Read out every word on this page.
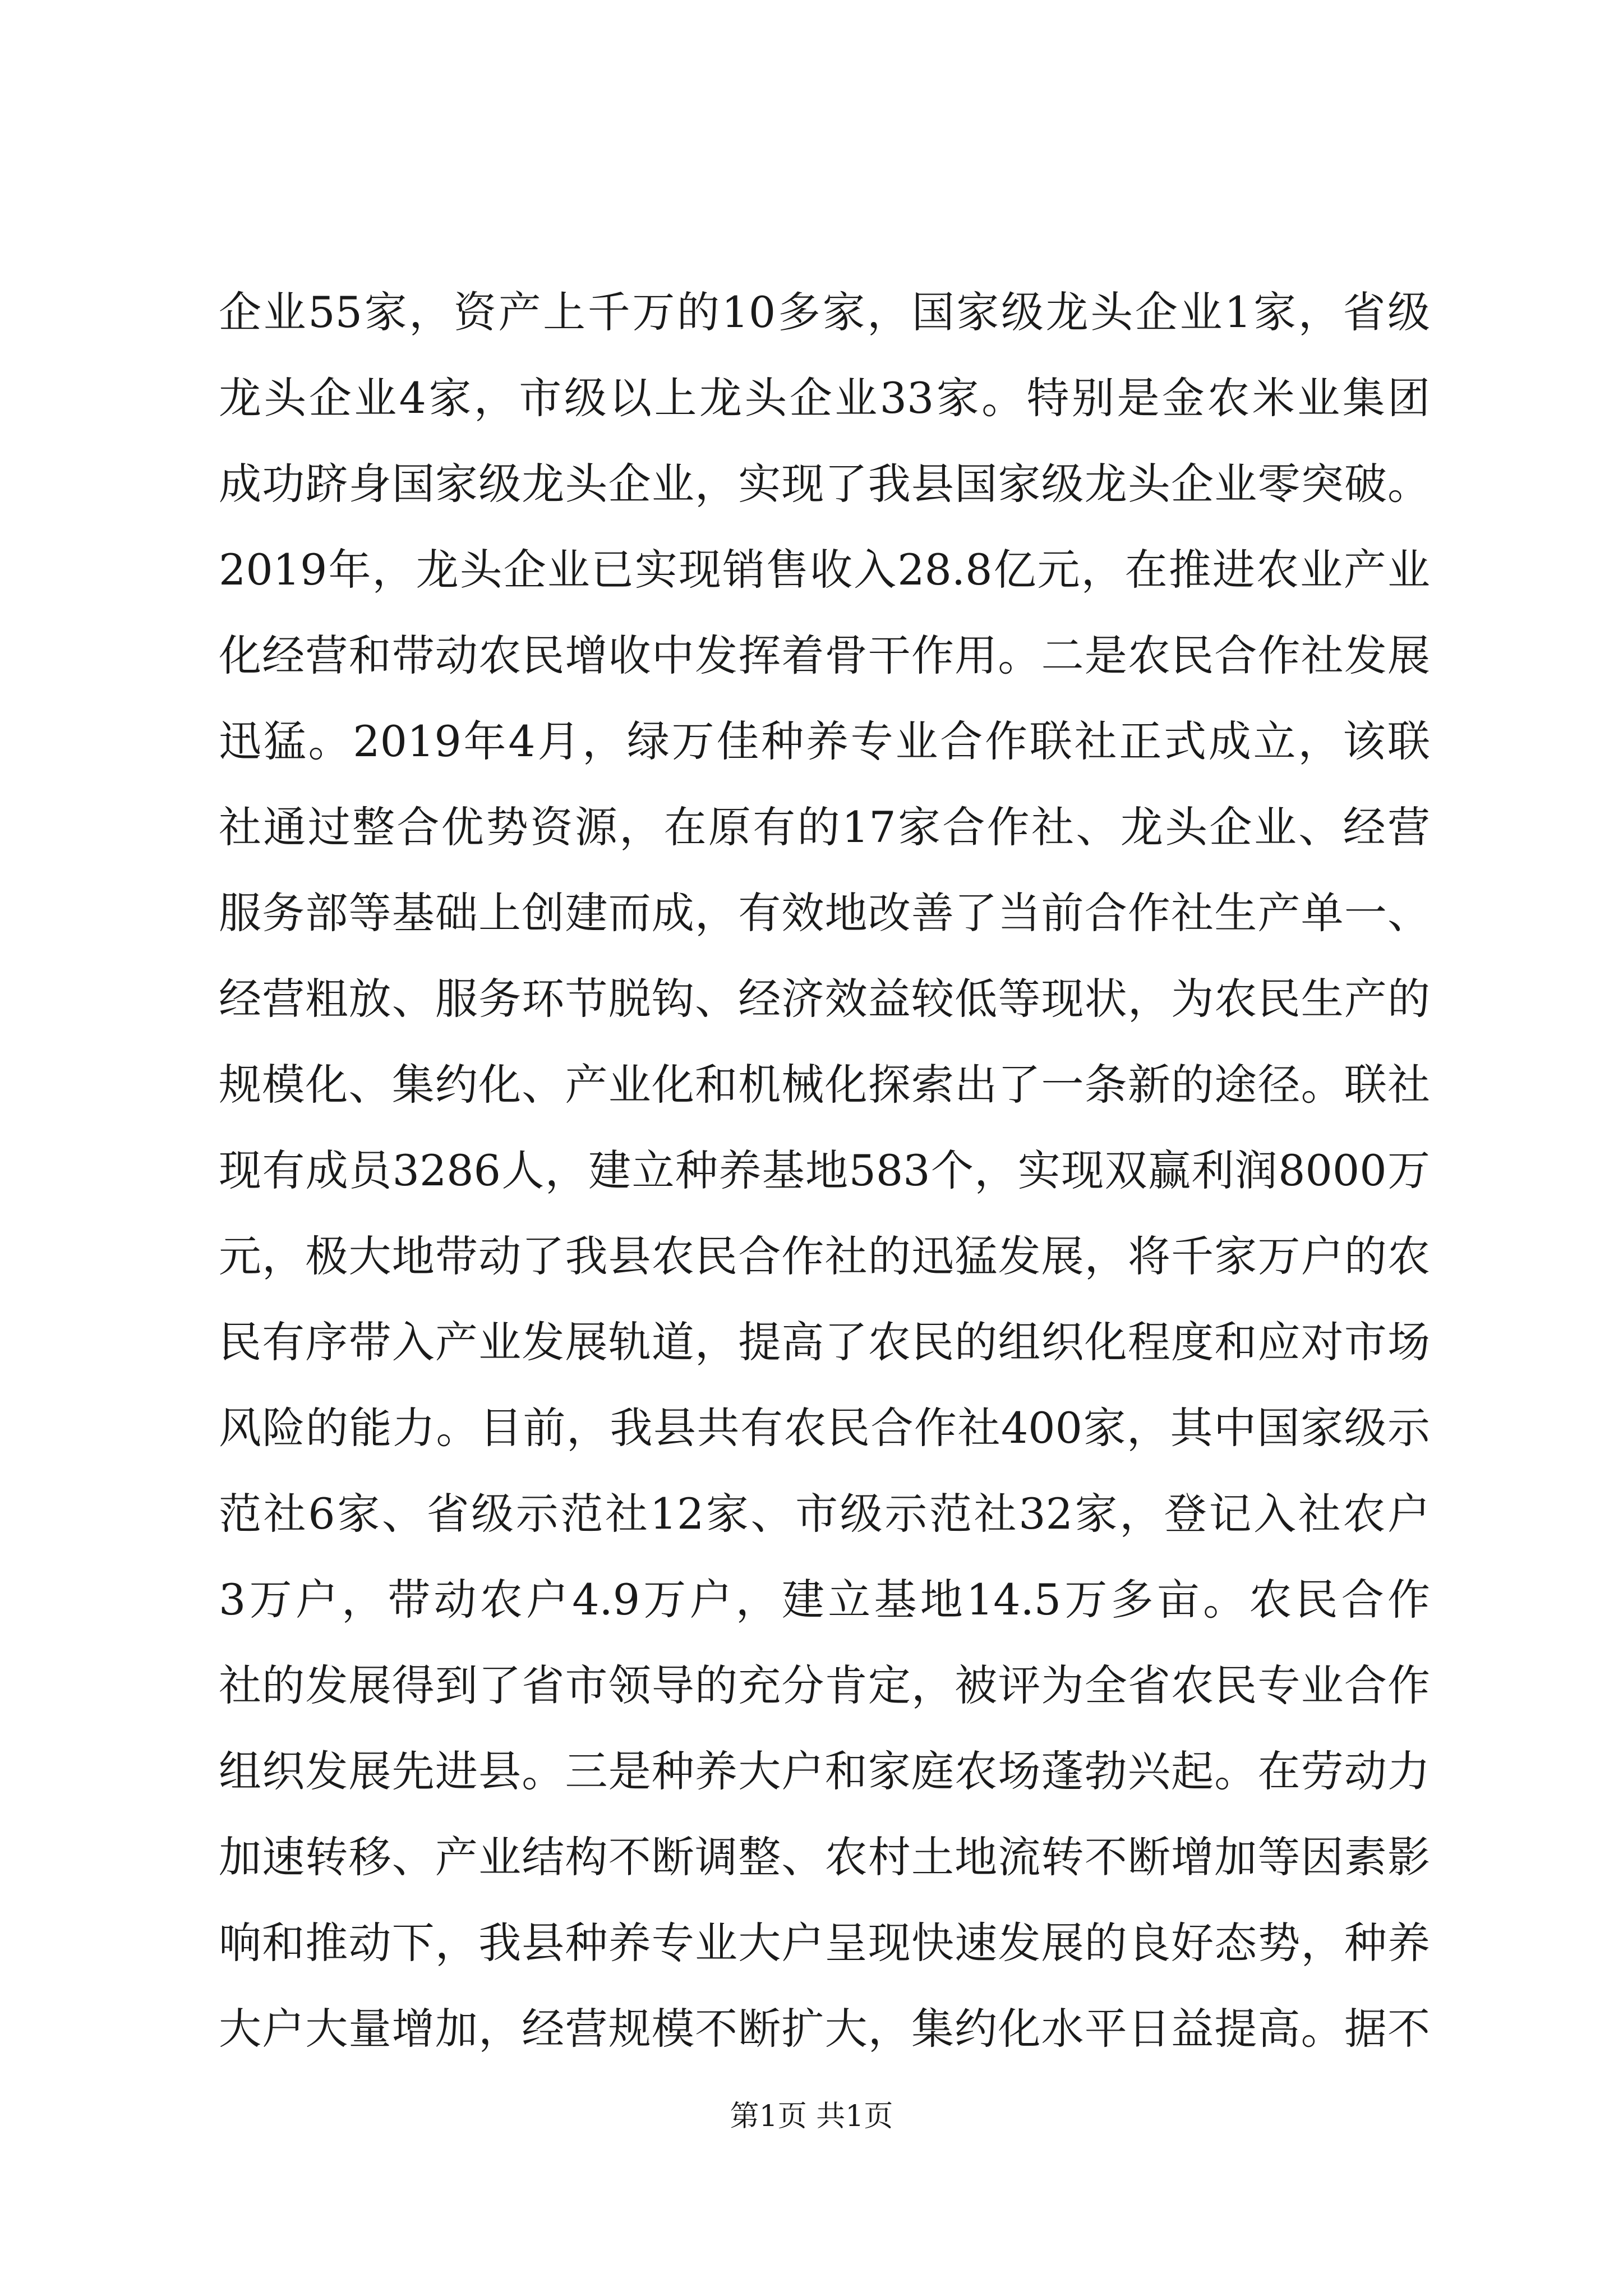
企业55家，资产上千万的10多家，国家级龙头企业1家，省级
龙头企业4家，市级以上龙头企业33家。特别是金农米业集团
成功跻身国家级龙头企业，实现了我县国家级龙头企业零突破。
2019年，龙头企业已实现销售收入28.8亿元，在推进农业产业
化经营和带动农民增收中发挥着骨干作用。二是农民合作社发展
迅猛。2019年4月，绿万佳种养专业合作联社正式成立，该联
社通过整合优势资源，在原有的17家合作社、龙头企业、经营
服务部等基础上创建而成，有效地改善了当前合作社生产单一、
经营粗放、服务环节脱钩、经济效益较低等现状，为农民生产的
规模化、集约化、产业化和机械化探索出了一条新的途径。联社
现有成员3286人，建立种养基地583个，实现双赢利润8000万
元，极大地带动了我县农民合作社的迅猛发展，将千家万户的农
民有序带入产业发展轨道，提高了农民的组织化程度和应对市场
风险的能力。目前，我县共有农民合作社400家，其中国家级示
范社6家、省级示范社12家、市级示范社32家，登记入社农户
3万户，带动农户4.9万户，建立基地14.5万多亩。农民合作
社的发展得到了省市领导的充分肯定，被评为全省农民专业合作
组织发展先进县。三是种养大户和家庭农场蓬勃兴起。在劳动力
加速转移、产业结构不断调整、农村土地流转不断增加等因素影
响和推动下，我县种养专业大户呈现快速发展的良好态势，种养
大户大量增加，经营规模不断扩大，集约化水平日益提高。据不
第1页 共1页
